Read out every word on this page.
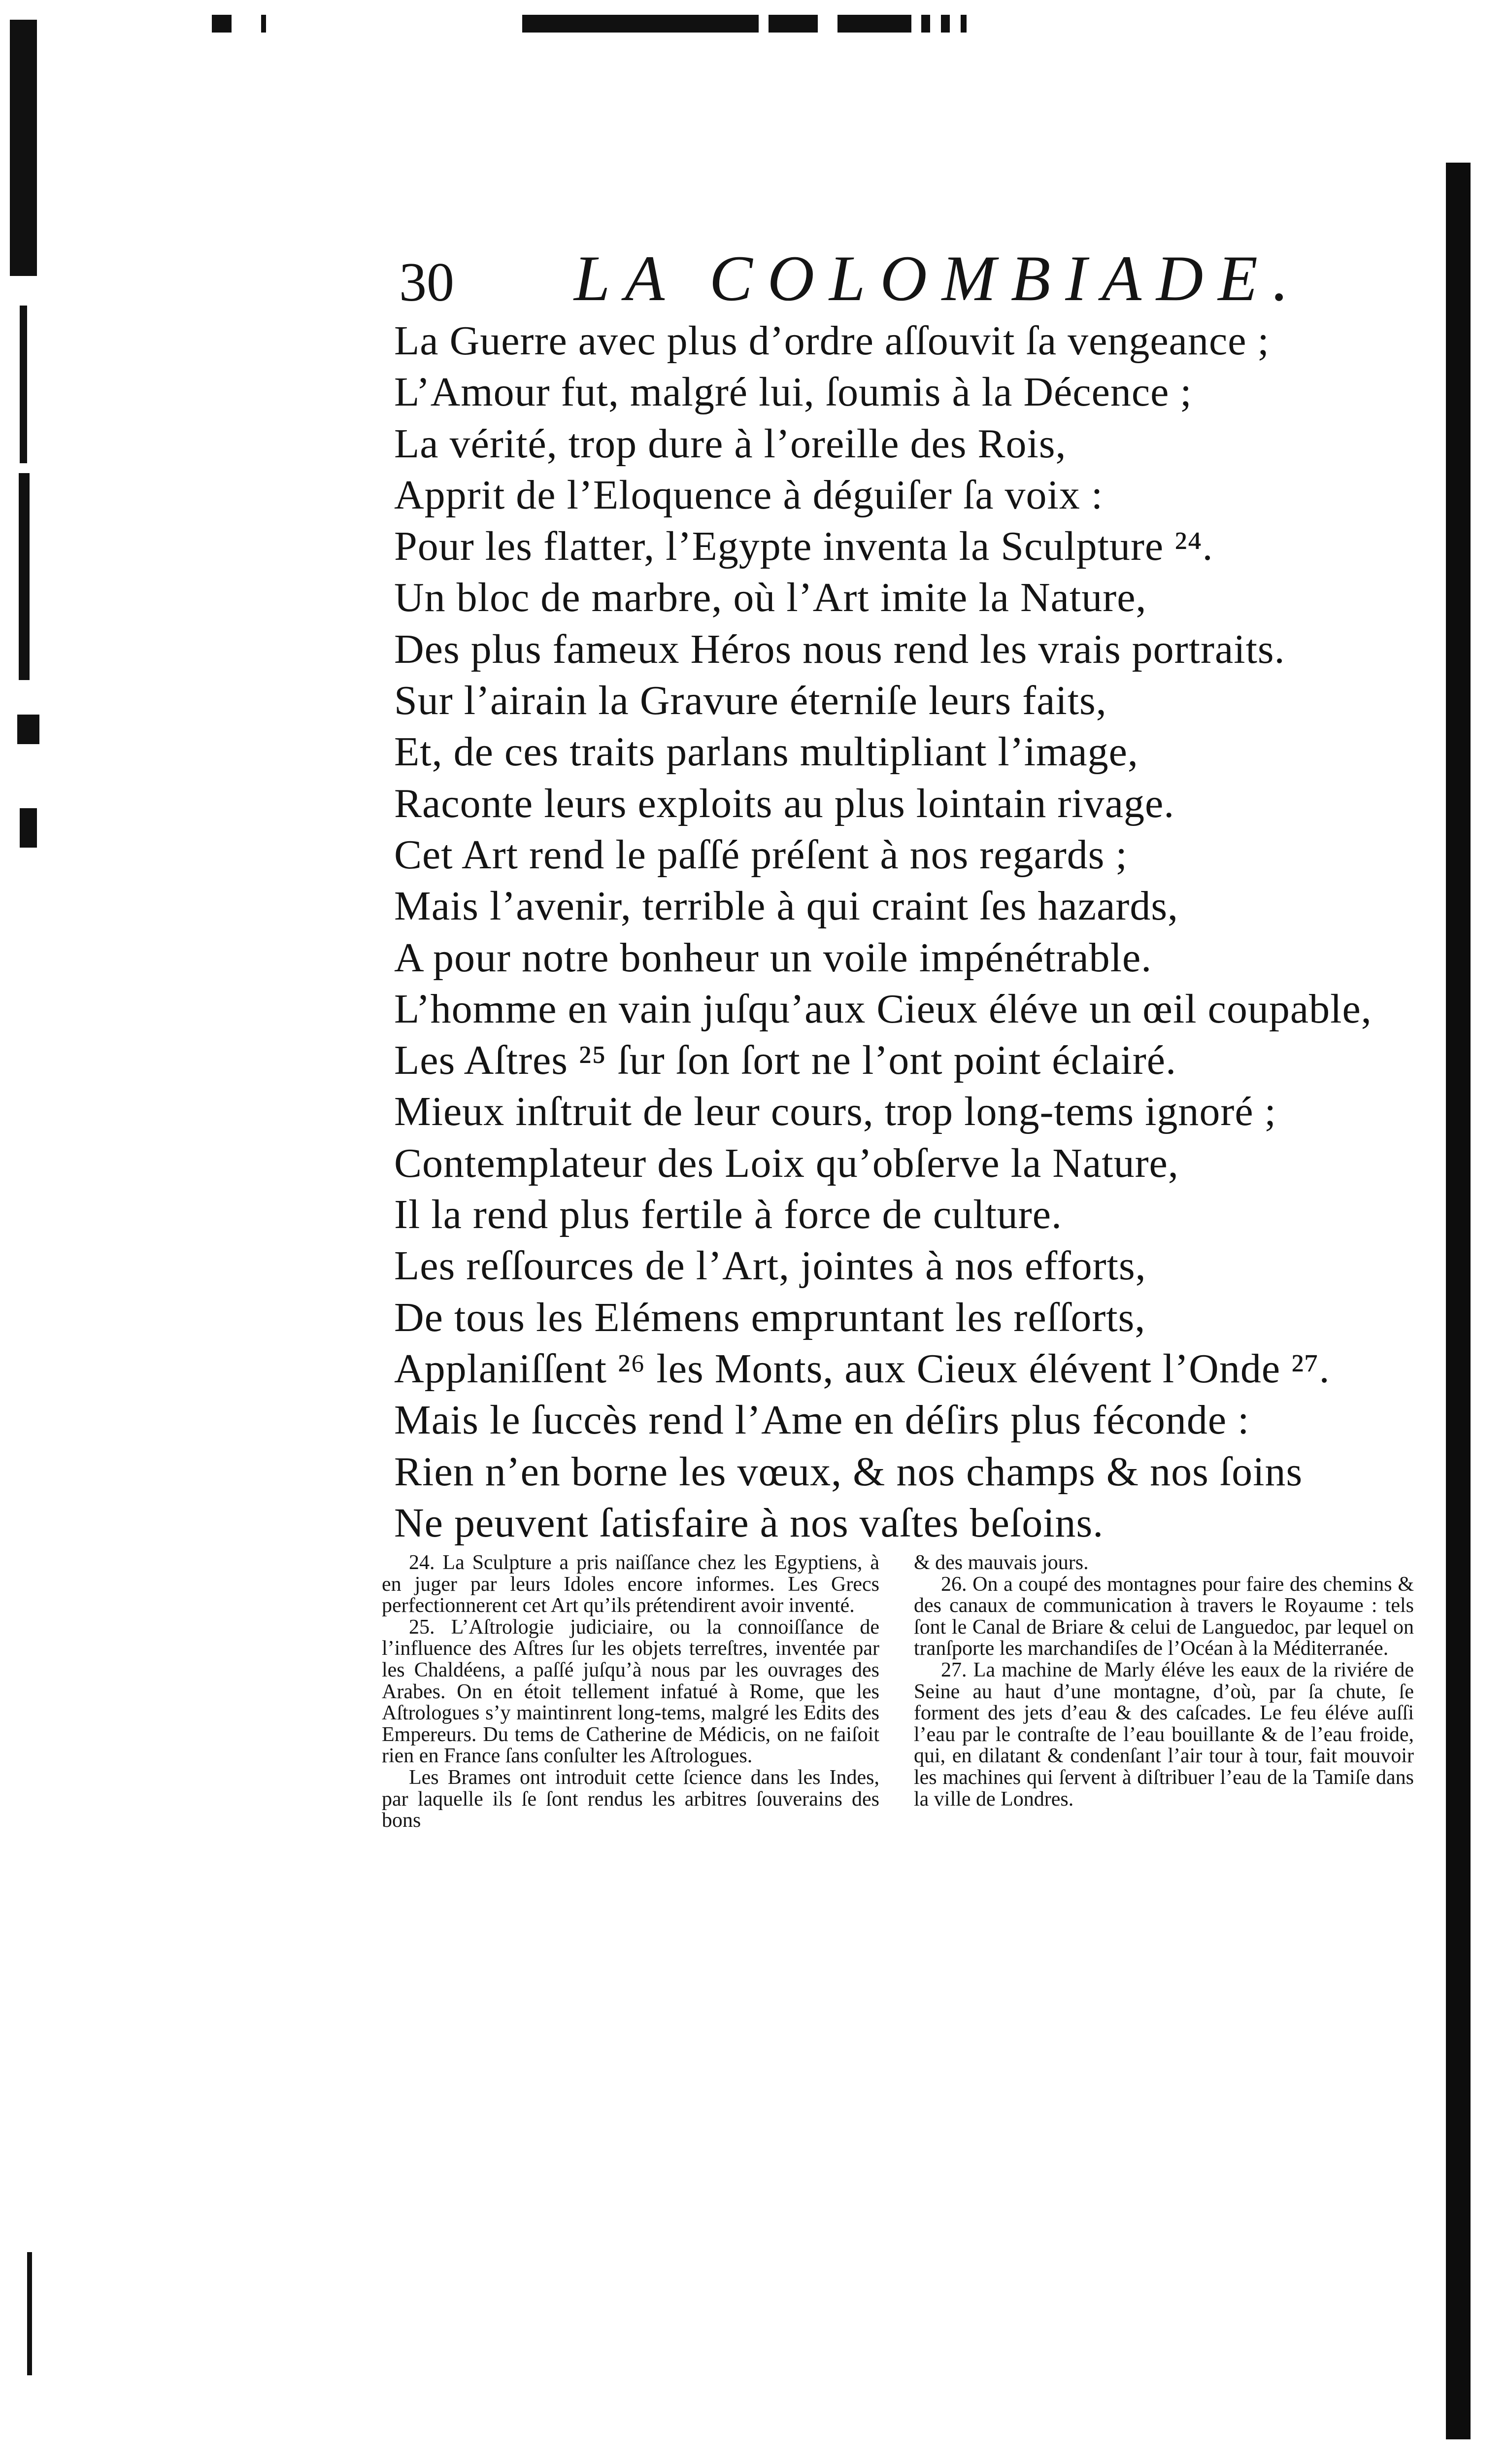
30 LA COLOMBIADE.
La Guerre avec plus d’ordre aſſouvit ſa vengeance ;
L’Amour fut, malgré lui, ſoumis à la Décence ;
La vérité, trop dure à l’oreille des Rois,
Apprit de l’Eloquence à déguiſer ſa voix :
Pour les flatter, l’Egypte inventa la Sculpture ²⁴.
Un bloc de marbre, où l’Art imite la Nature,
Des plus fameux Héros nous rend les vrais portraits.
Sur l’airain la Gravure éterniſe leurs faits,
Et, de ces traits parlans multipliant l’image,
Raconte leurs exploits au plus lointain rivage.
Cet Art rend le paſſé préſent à nos regards ;
Mais l’avenir, terrible à qui craint ſes hazards,
A pour notre bonheur un voile impénétrable.
L’homme en vain juſqu’aux Cieux éléve un œil coupable,
Les Aſtres ²⁵ ſur ſon ſort ne l’ont point éclairé.
Mieux inſtruit de leur cours, trop long-tems ignoré ;
Contemplateur des Loix qu’obſerve la Nature,
Il la rend plus fertile à force de culture.
Les reſſources de l’Art, jointes à nos efforts,
De tous les Elémens empruntant les reſſorts,
Applaniſſent ²⁶ les Monts, aux Cieux élévent l’Onde ²⁷.
Mais le ſuccès rend l’Ame en déſirs plus féconde :
Rien n’en borne les vœux, & nos champs & nos ſoins
Ne peuvent ſatisfaire à nos vaſtes beſoins.

24. La Sculpture a pris naiſſance chez les Egyptiens, à en juger par leurs Idoles encore informes. Les Grecs perfectionnerent cet Art qu’ils prétendirent avoir inventé.

25. L’Aſtrologie judiciaire, ou la connoiſſance de l’influence des Aſtres ſur les objets terreſtres, inventée par les Chaldéens, a paſſé juſqu’à nous par les ouvrages des Arabes. On en étoit tellement infatué à Rome, que les Aſtrologues s’y maintinrent long-tems, malgré les Edits des Empereurs. Du tems de Catherine de Médicis, on ne faiſoit rien en France ſans conſulter les Aſtrologues.

Les Brames ont introduit cette ſcience dans les Indes, par laquelle ils ſe ſont rendus les arbitres ſouverains des bons

& des mauvais jours.

26. On a coupé des montagnes pour faire des chemins & des canaux de communication à travers le Royaume : tels ſont le Canal de Briare & celui de Languedoc, par lequel on tranſporte les marchandiſes de l’Océan à la Méditerranée.

27. La machine de Marly éléve les eaux de la riviére de Seine au haut d’une montagne, d’où, par ſa chute, ſe forment des jets d’eau & des caſcades. Le feu éléve auſſi l’eau par le contraſte de l’eau bouillante & de l’eau froide, qui, en dilatant & condenſant l’air tour à tour, fait mouvoir les machines qui ſervent à diſtribuer l’eau de la Tamiſe dans la ville de Londres.
